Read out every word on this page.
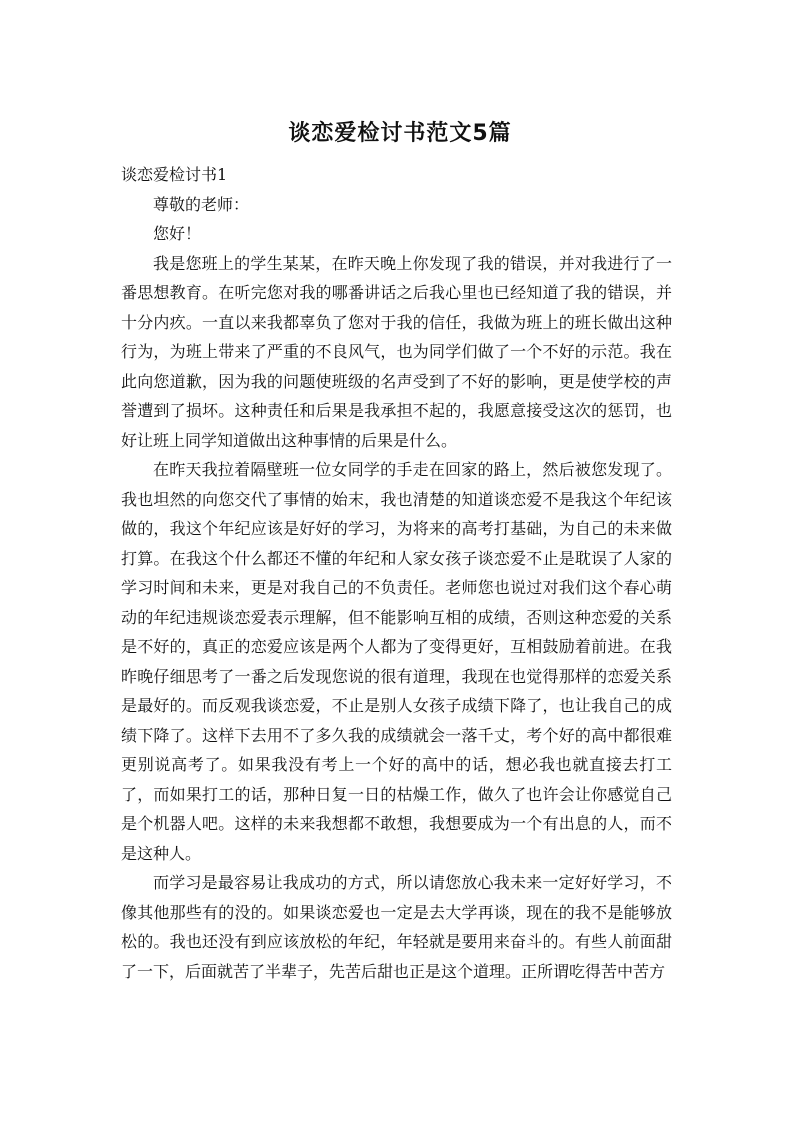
谈恋爱检讨书范文5篇

谈恋爱检讨书1

尊敬的老师：

您好！

我是您班上的学生某某，在昨天晚上你发现了我的错误，并对我进行了一番思想教育。在听完您对我的哪番讲话之后我心里也已经知道了我的错误，并十分内疚。一直以来我都辜负了您对于我的信任，我做为班上的班长做出这种行为，为班上带来了严重的不良风气，也为同学们做了一个不好的示范。我在此向您道歉，因为我的问题使班级的名声受到了不好的影响，更是使学校的声誉遭到了损坏。这种责任和后果是我承担不起的，我愿意接受这次的惩罚，也好让班上同学知道做出这种事情的后果是什么。

在昨天我拉着隔壁班一位女同学的手走在回家的路上，然后被您发现了。我也坦然的向您交代了事情的始末，我也清楚的知道谈恋爱不是我这个年纪该做的，我这个年纪应该是好好的学习，为将来的高考打基础，为自己的未来做打算。在我这个什么都还不懂的年纪和人家女孩子谈恋爱不止是耽误了人家的学习时间和未来，更是对我自己的不负责任。老师您也说过对我们这个春心萌动的年纪违规谈恋爱表示理解，但不能影响互相的成绩，否则这种恋爱的关系是不好的，真正的恋爱应该是两个人都为了变得更好，互相鼓励着前进。在我昨晚仔细思考了一番之后发现您说的很有道理，我现在也觉得那样的恋爱关系是最好的。而反观我谈恋爱，不止是别人女孩子成绩下降了，也让我自己的成绩下降了。这样下去用不了多久我的成绩就会一落千丈，考个好的高中都很难更别说高考了。如果我没有考上一个好的高中的话，想必我也就直接去打工了，而如果打工的话，那种日复一日的枯燥工作，做久了也许会让你感觉自己是个机器人吧。这样的未来我想都不敢想，我想要成为一个有出息的人，而不是这种人。

而学习是最容易让我成功的方式，所以请您放心我未来一定好好学习，不像其他那些有的没的。如果谈恋爱也一定是去大学再谈，现在的我不是能够放松的。我也还没有到应该放松的年纪，年轻就是要用来奋斗的。有些人前面甜了一下，后面就苦了半辈子，先苦后甜也正是这个道理。正所谓吃得苦中苦方
